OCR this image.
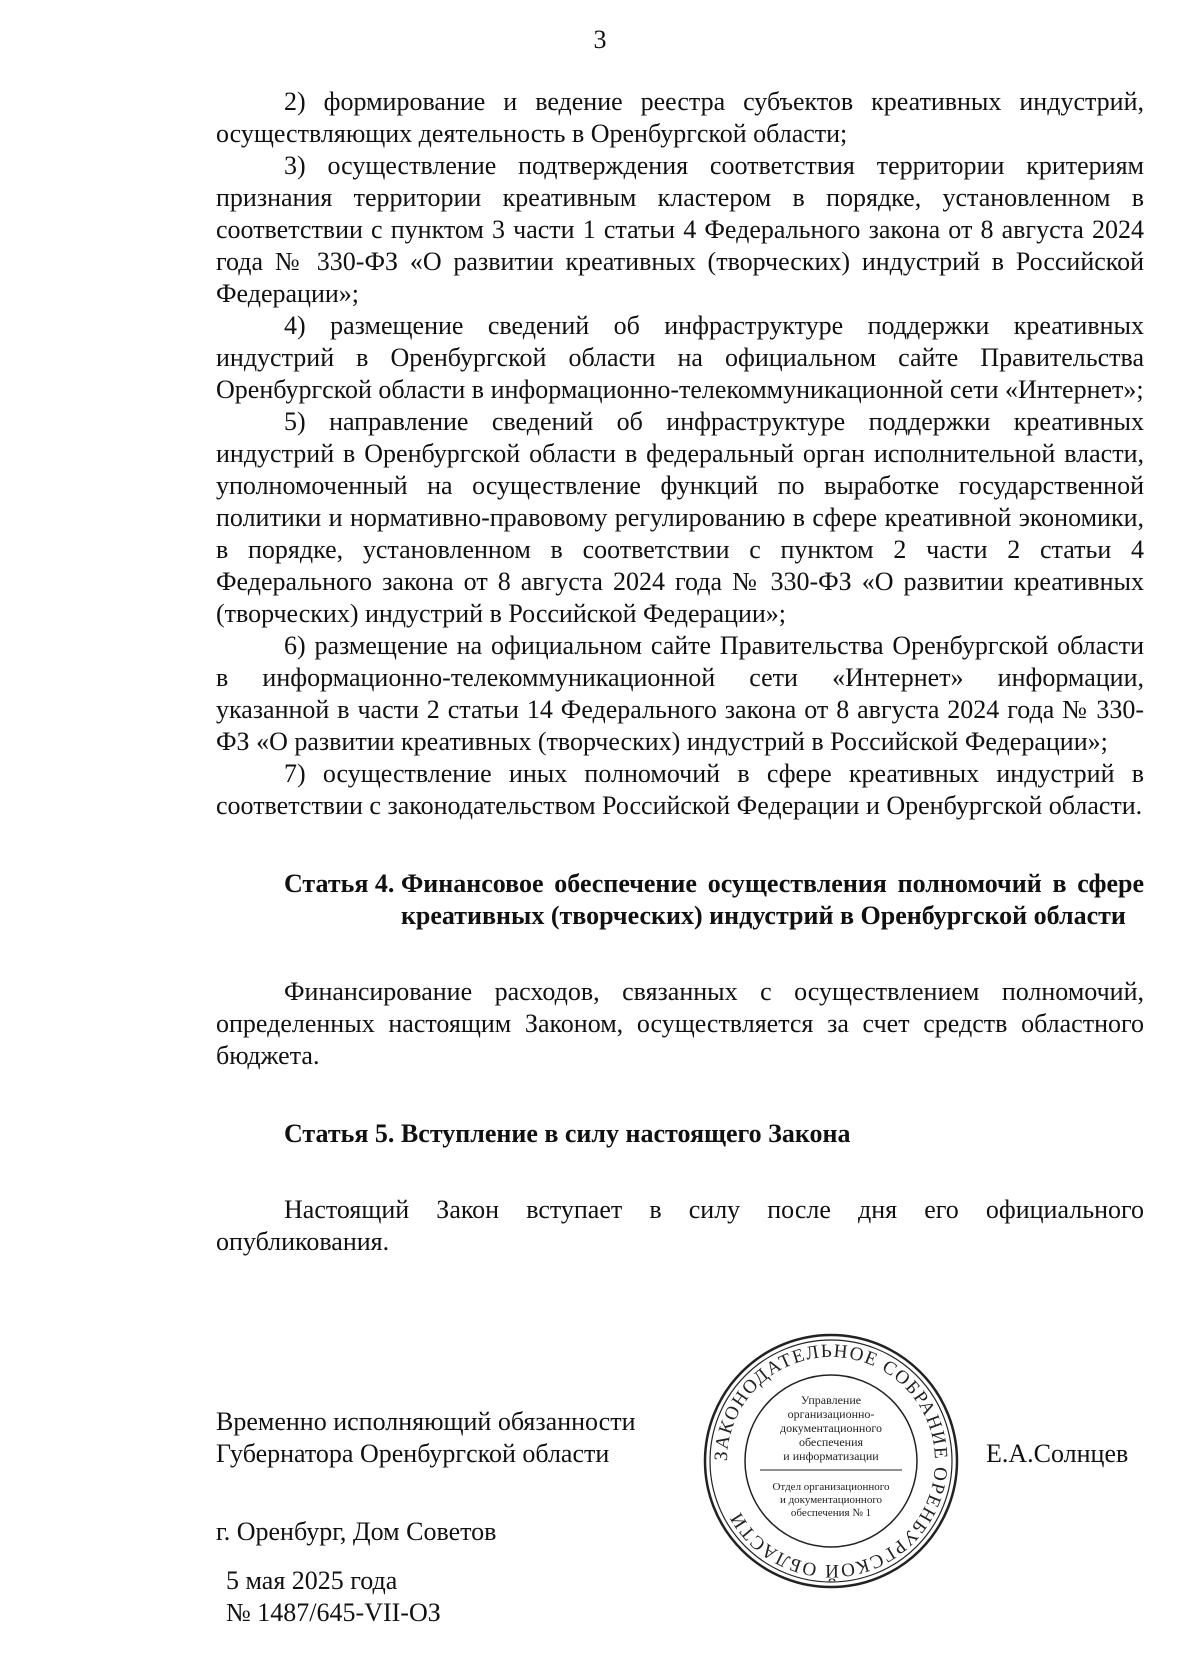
3

2) формирование и ведение реестра субъектов креативных индустрий, осуществляющих деятельность в Оренбургской области;

3) осуществление подтверждения соответствия территории критериям признания территории креативным кластером в порядке, установленном в соответствии с пунктом 3 части 1 статьи 4 Федерального закона от 8 августа 2024 года № 330-ФЗ «О развитии креативных (творческих) индустрий в Российской Федерации»;

4) размещение сведений об инфраструктуре поддержки креативных индустрий в Оренбургской области на официальном сайте Правительства Оренбургской области в информационно-телекоммуникационной сети «Интернет»;

5) направление сведений об инфраструктуре поддержки креативных индустрий в Оренбургской области в федеральный орган исполнительной власти, уполномоченный на осуществление функций по выработке государственной политики и нормативно-правовому регулированию в сфере креативной экономики, в порядке, установленном в соответствии с пунктом 2 части 2 статьи 4 Федерального закона от 8 августа 2024 года № 330-ФЗ «О развитии креативных (творческих) индустрий в Российской Федерации»;

6) размещение на официальном сайте Правительства Оренбургской области в информационно-телекоммуникационной сети «Интернет» информации, указанной в части 2 статьи 14 Федерального закона от 8 августа 2024 года № 330-ФЗ «О развитии креативных (творческих) индустрий в Российской Федерации»;

7) осуществление иных полномочий в сфере креативных индустрий в соответствии с законодательством Российской Федерации и Оренбургской области.

Статья 4. Финансовое обеспечение осуществления полномочий в сфере креативных (творческих) индустрий в Оренбургской области

Финансирование расходов, связанных с осуществлением полномочий, определенных настоящим Законом, осуществляется за счет средств областного бюджета.

Статья 5. Вступление в силу настоящего Закона

Настоящий Закон вступает в силу после дня его официального опубликования.

Временно исполняющий обязанности
Губернатора Оренбургской области	Е.А.Солнцев
г. Оренбург, Дом Советов
5 мая 2025 года
№ 1487/645-VII-ОЗ
ЗАКОНОДАТЕЛЬНОЕ СОБРАНИЕ ОРЕНБУРГСКОЙ ОБЛАСТИ
Управление
организационно-
документационного
обеспечения
и информатизации
Отдел организационного
и документационного
обеспечения № 1
